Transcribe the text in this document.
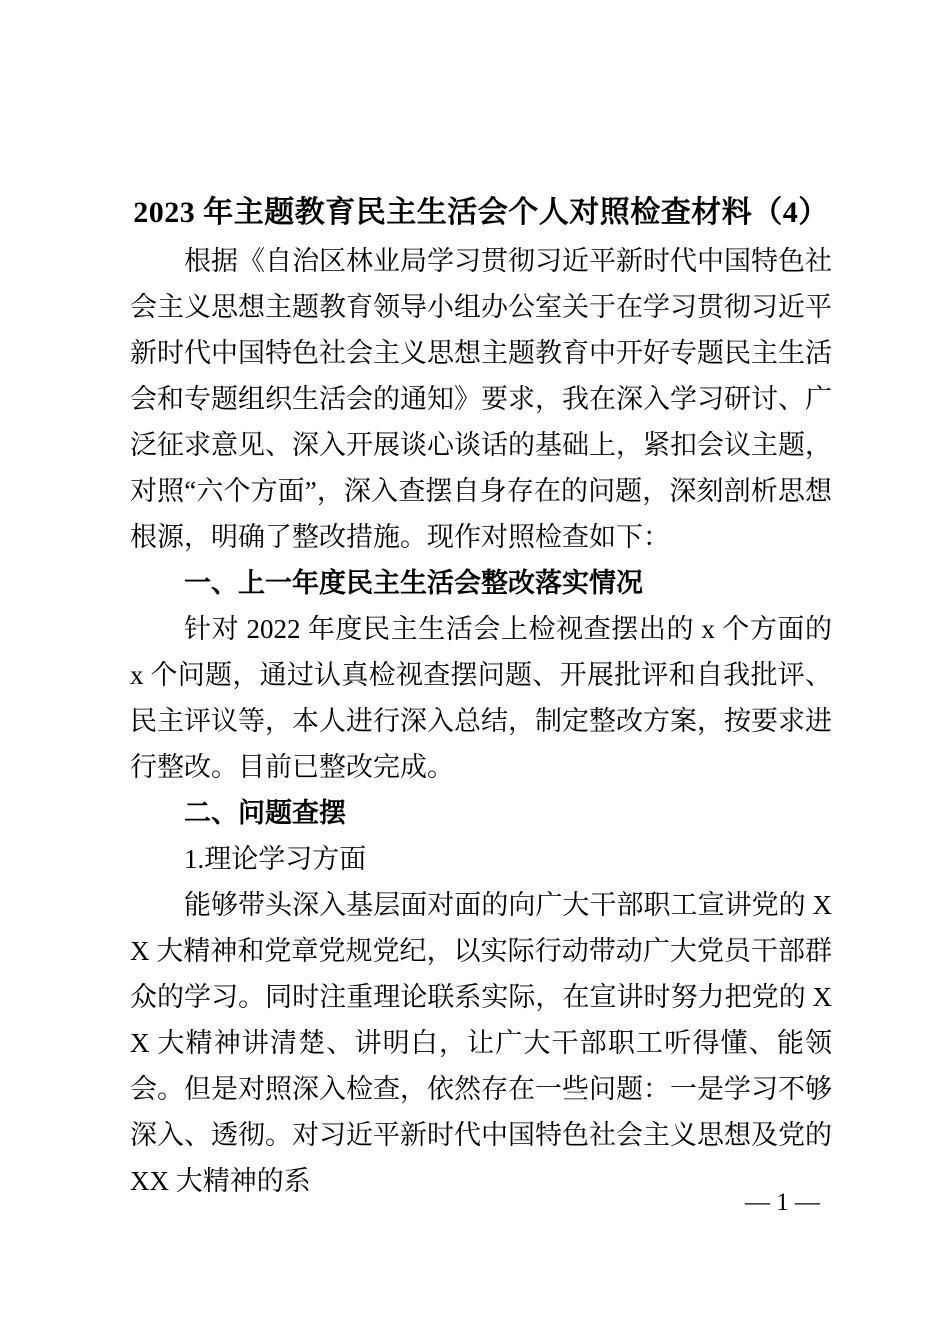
2023 年主题教育民主生活会个人对照检查材料（4）

根据《自治区林业局学习贯彻习近平新时代中国特色社会主义思想主题教育领导小组办公室关于在学习贯彻习近平新时代中国特色社会主义思想主题教育中开好专题民主生活会和专题组织生活会的通知》要求，我在深入学习研讨、广泛征求意见、深入开展谈心谈话的基础上，紧扣会议主题，对照“六个方面”，深入查摆自身存在的问题，深刻剖析思想根源，明确了整改措施。现作对照检查如下：

一、上一年度民主生活会整改落实情况

针对 2022 年度民主生活会上检视查摆出的 x 个方面的 x 个问题，通过认真检视查摆问题、开展批评和自我批评、民主评议等，本人进行深入总结，制定整改方案，按要求进行整改。目前已整改完成。

二、问题查摆

1.理论学习方面

能够带头深入基层面对面的向广大干部职工宣讲党的 XX 大精神和党章党规党纪，以实际行动带动广大党员干部群众的学习。同时注重理论联系实际，在宣讲时努力把党的 XX 大精神讲清楚、讲明白，让广大干部职工听得懂、能领会。但是对照深入检查，依然存在一些问题：一是学习不够深入、透彻。对习近平新时代中国特色社会主义思想及党的 XX 大精神的系

— 1 —
